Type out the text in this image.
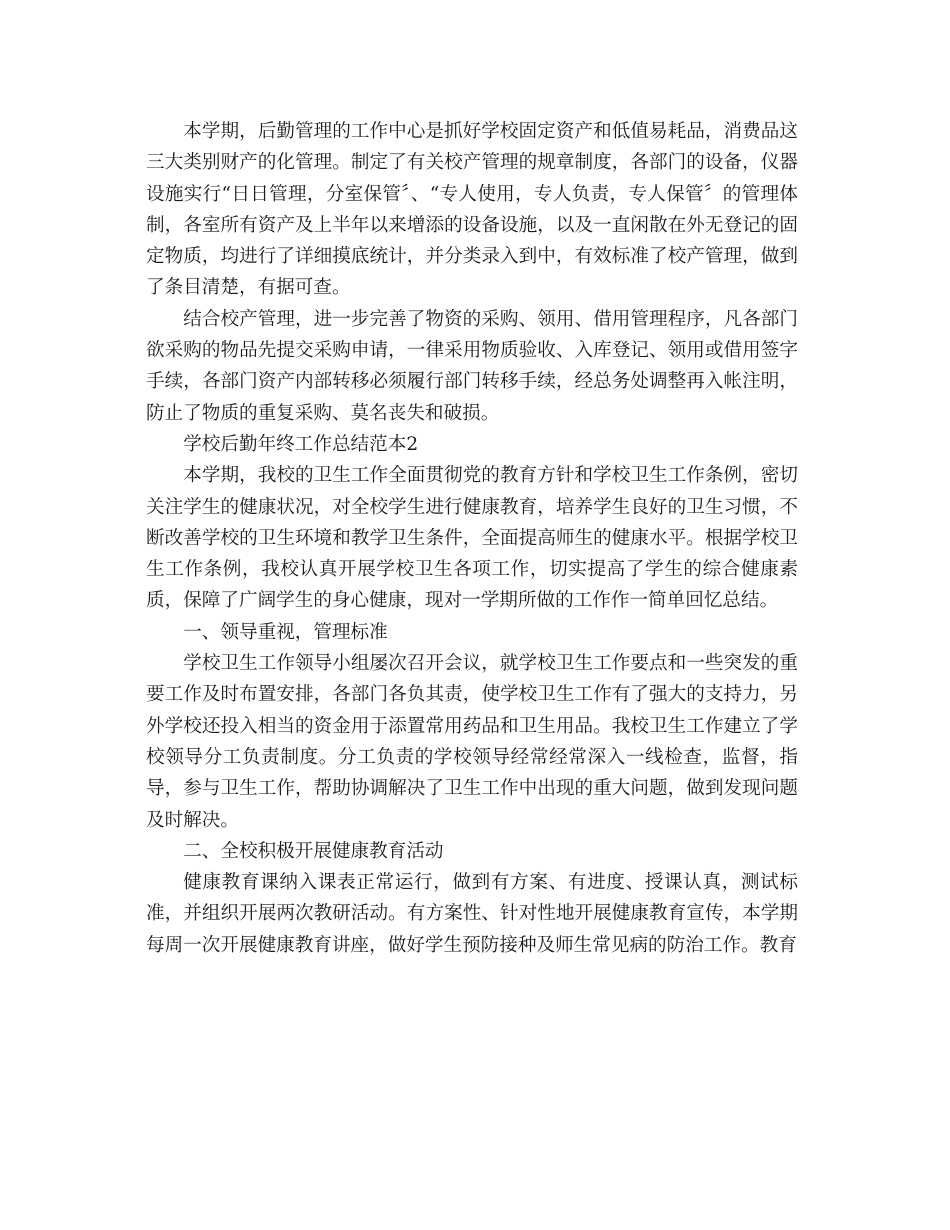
本学期，后勤管理的工作中心是抓好学校固定资产和低值易耗品，消费品这三大类别财产的化管理。制定了有关校产管理的规章制度，各部门的设备，仪器设施实行“日日管理，分室保管〞、“专人使用，专人负责，专人保管〞的管理体制，各室所有资产及上半年以来增添的设备设施，以及一直闲散在外无登记的固定物质，均进行了详细摸底统计，并分类录入到中，有效标准了校产管理，做到了条目清楚，有据可查。

结合校产管理，进一步完善了物资的采购、领用、借用管理程序，凡各部门欲采购的物品先提交采购申请，一律采用物质验收、入库登记、领用或借用签字手续，各部门资产内部转移必须履行部门转移手续，经总务处调整再入帐注明，防止了物质的重复采购、莫名丧失和破损。

学校后勤年终工作总结范本2

本学期，我校的卫生工作全面贯彻党的教育方针和学校卫生工作条例，密切关注学生的健康状况，对全校学生进行健康教育，培养学生良好的卫生习惯，不断改善学校的卫生环境和教学卫生条件，全面提高师生的健康水平。根据学校卫生工作条例，我校认真开展学校卫生各项工作，切实提高了学生的综合健康素质，保障了广阔学生的身心健康，现对一学期所做的工作作一简单回忆总结。

一、领导重视，管理标准

学校卫生工作领导小组屡次召开会议，就学校卫生工作要点和一些突发的重要工作及时布置安排，各部门各负其责，使学校卫生工作有了强大的支持力，另外学校还投入相当的资金用于添置常用药品和卫生用品。我校卫生工作建立了学校领导分工负责制度。分工负责的学校领导经常经常深入一线检查，监督，指导，参与卫生工作，帮助协调解决了卫生工作中出现的重大问题，做到发现问题及时解决。

二、全校积极开展健康教育活动

健康教育课纳入课表正常运行，做到有方案、有进度、授课认真，测试标准，并组织开展两次教研活动。有方案性、针对性地开展健康教育宣传，本学期每周一次开展健康教育讲座，做好学生预防接种及师生常见病的防治工作。教育
